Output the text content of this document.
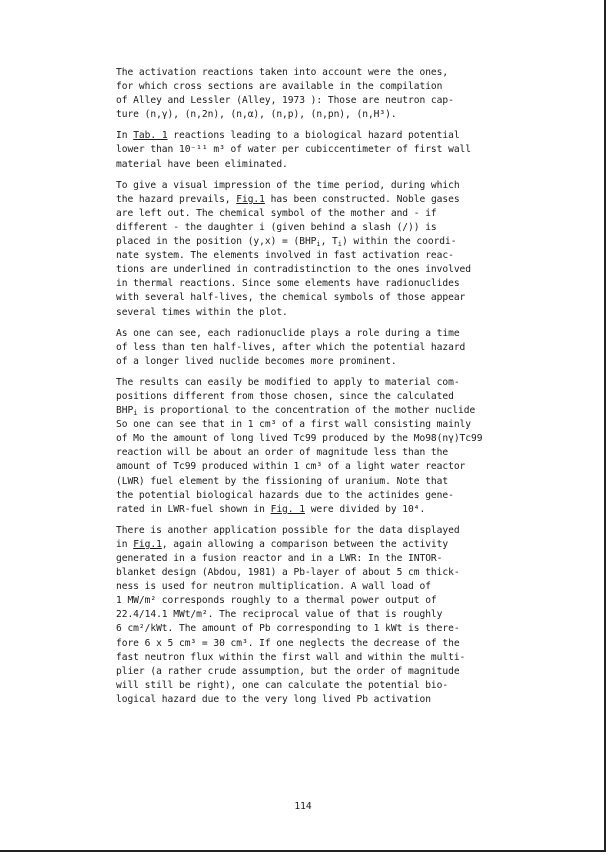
The activation reactions taken into account were the ones,
for which cross sections are available in the compilation
of Alley and Lessler (Alley, 1973 ): Those are neutron cap-
ture (n,γ), (n,2n), (n,α), (n,p), (n,pn), (n,H³).
In Tab. 1 reactions leading to a biological hazard potential
lower than 10⁻¹¹ m³ of water per cubiccentimeter of first wall
material have been eliminated.
To give a visual impression of the time period, during which
the hazard prevails, Fig.1 has been constructed. Noble gases
are left out. The chemical symbol of the mother and - if
different - the daughter i (given behind a slash (/)) is
placed in the position $(y,x) = (BHP_i$, $T_i$) within the coordi-
nate system. The elements involved in fast activation reac-
tions are underlined in contradistinction to the ones involved
in thermal reactions. Since some elements have radionuclides
with several half-lives, the chemical symbols of those appear
several times within the plot.
As one can see, each radionuclide plays a role during a time
of less than ten half-lives, after which the potential hazard
of a longer lived nuclide becomes more prominent.
The results can easily be modified to apply to material com-
positions different from those chosen, since the calculated
$BHP_i$ is proportional to the concentration of the mother nuclide
So one can see that in 1 cm³ of a first wall consisting mainly
of Mo the amount of long lived Tc99 produced by the Mo98(nγ)Tc99
reaction will be about an order of magnitude less than the
amount of Tc99 produced within 1 cm³ of a light water reactor
(LWR) fuel element by the fissioning of uranium. Note that
the potential biological hazards due to the actinides gene-
rated in LWR-fuel shown in Fig. 1 were divided by 10⁴.
There is another application possible for the data displayed
in Fig.1, again allowing a comparison between the activity
generated in a fusion reactor and in a LWR: In the INTOR-
blanket design (Abdou, 1981) a Pb-layer of about 5 cm thick-
ness is used for neutron multiplication. A wall load of
1 MW/m² corresponds roughly to a thermal power output of
22.4/14.1 MWt/m². The reciprocal value of that is roughly
6 cm²/kWt. The amount of Pb corresponding to 1 kWt is there-
fore 6 x 5 cm³ = 30 cm³. If one neglects the decrease of the
fast neutron flux within the first wall and within the multi-
plier (a rather crude assumption, but the order of magnitude
will still be right), one can calculate the potential bio-
logical hazard due to the very long lived Pb activation
114
